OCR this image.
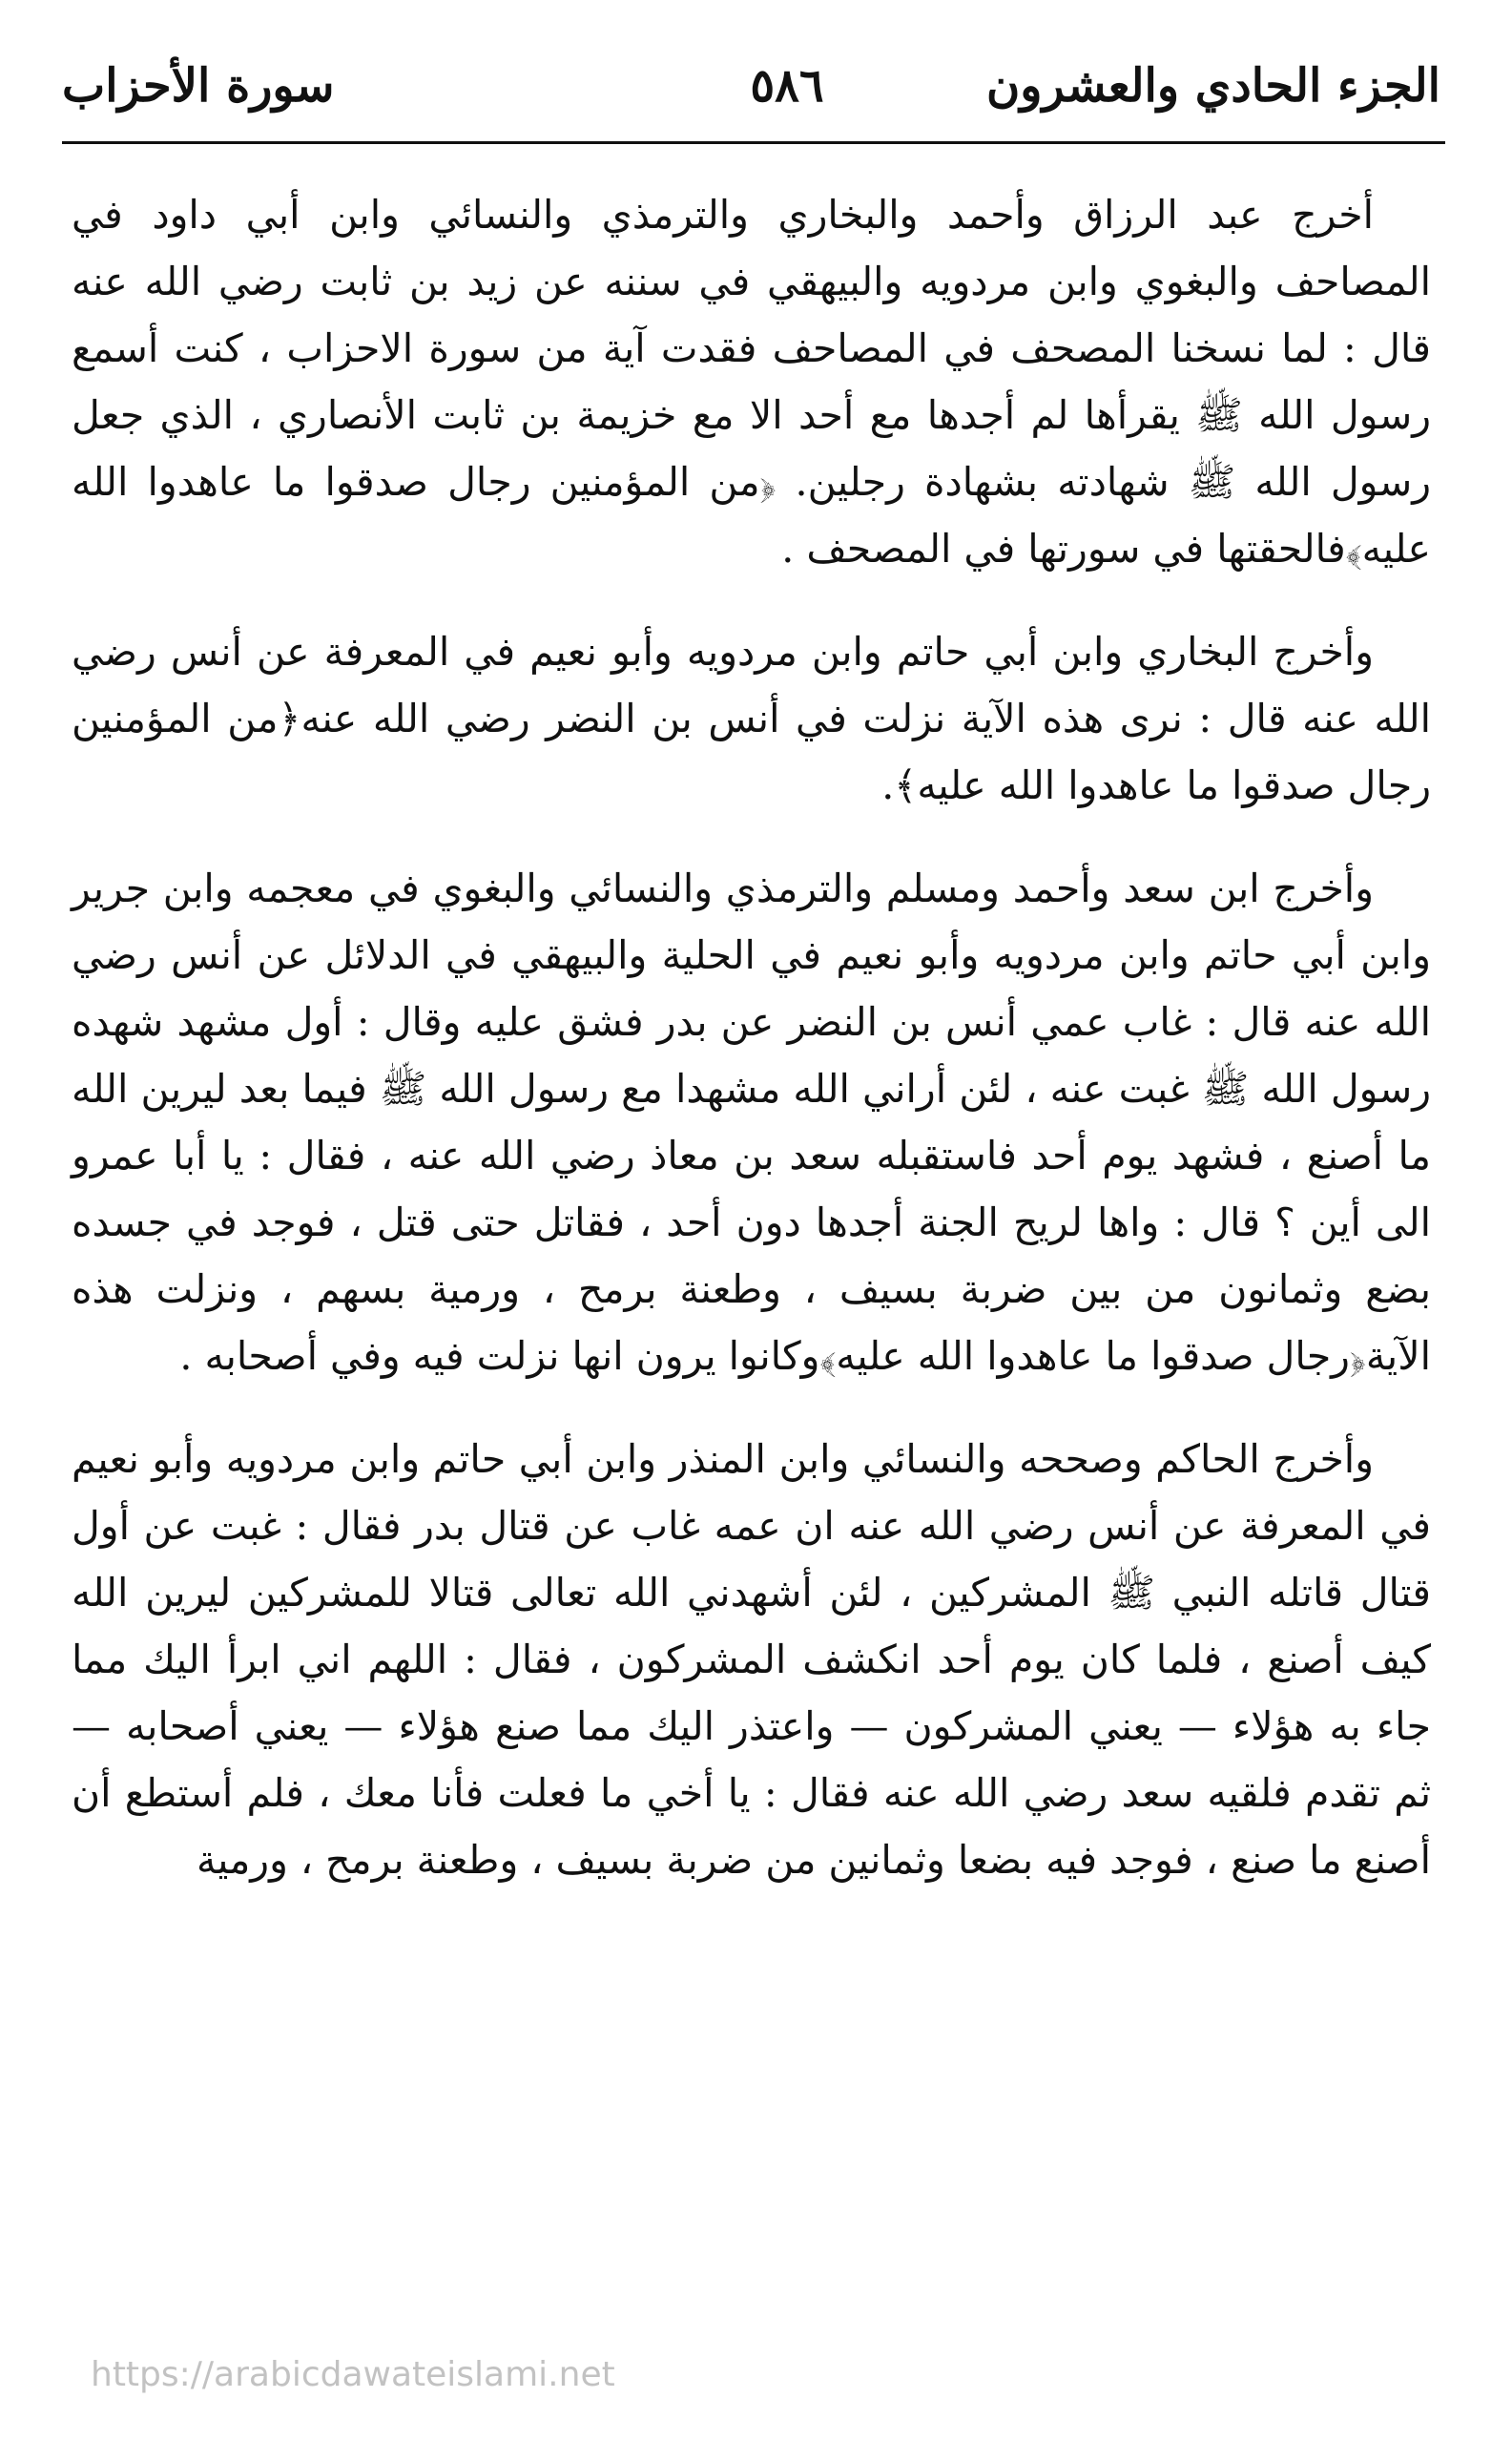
الجزء الحادي والعشرون
٥٨٦
سورة الأحزاب

أخرج عبد الرزاق وأحمد والبخاري والترمذي والنسائي وابن أبي داود في المصاحف والبغوي وابن مردويه والبيهقي في سننه عن زيد بن ثابت رضي الله عنه قال : لما نسخنا المصحف في المصاحف فقدت آية من سورة الاحزاب ، كنت أسمع رسول الله ﷺ يقرأها لم أجدها مع أحد الا مع خزيمة بن ثابت الأنصاري ، الذي جعل رسول الله ﷺ شهادته بشهادة رجلين. ﴿من المؤمنين رجال صدقوا ما عاهدوا الله عليه﴾فالحقتها في سورتها في المصحف .

وأخرج البخاري وابن أبي حاتم وابن مردويه وأبو نعيم في المعرفة عن أنس رضي الله عنه قال : نرى هذه الآية نزلت في أنس بن النضر رضي الله عنه﴿من المؤمنين رجال صدقوا ما عاهدوا الله عليه﴾.

وأخرج ابن سعد وأحمد ومسلم والترمذي والنسائي والبغوي في معجمه وابن جرير وابن أبي حاتم وابن مردويه وأبو نعيم في الحلية والبيهقي في الدلائل عن أنس رضي الله عنه قال : غاب عمي أنس بن النضر عن بدر فشق عليه وقال : أول مشهد شهده رسول الله ﷺ غبت عنه ، لئن أراني الله مشهدا مع رسول الله ﷺ فيما بعد ليرين الله ما أصنع ، فشهد يوم أحد فاستقبله سعد بن معاذ رضي الله عنه ، فقال : يا أبا عمرو الى أين ؟ قال : واها لريح الجنة أجدها دون أحد ، فقاتل حتى قتل ، فوجد في جسده بضع وثمانون من بين ضربة بسيف ، وطعنة برمح ، ورمية بسهم ، ونزلت هذه الآية﴿رجال صدقوا ما عاهدوا الله عليه﴾وكانوا يرون انها نزلت فيه وفي أصحابه .

وأخرج الحاكم وصححه والنسائي وابن المنذر وابن أبي حاتم وابن مردويه وأبو نعيم في المعرفة عن أنس رضي الله عنه ان عمه غاب عن قتال بدر فقال : غبت عن أول قتال قاتله النبي ﷺ المشركين ، لئن أشهدني الله تعالى قتالا للمشركين ليرين الله كيف أصنع ، فلما كان يوم أحد انكشف المشركون ، فقال : اللهم اني ابرأ اليك مما جاء به هؤلاء — يعني المشركون — واعتذر اليك مما صنع هؤلاء — يعني أصحابه — ثم تقدم فلقيه سعد رضي الله عنه فقال : يا أخي ما فعلت فأنا معك ، فلم أستطع أن أصنع ما صنع ، فوجد فيه بضعا وثمانين من ضربة بسيف ، وطعنة برمح ، ورمية

https://arabicdawateislami.net
